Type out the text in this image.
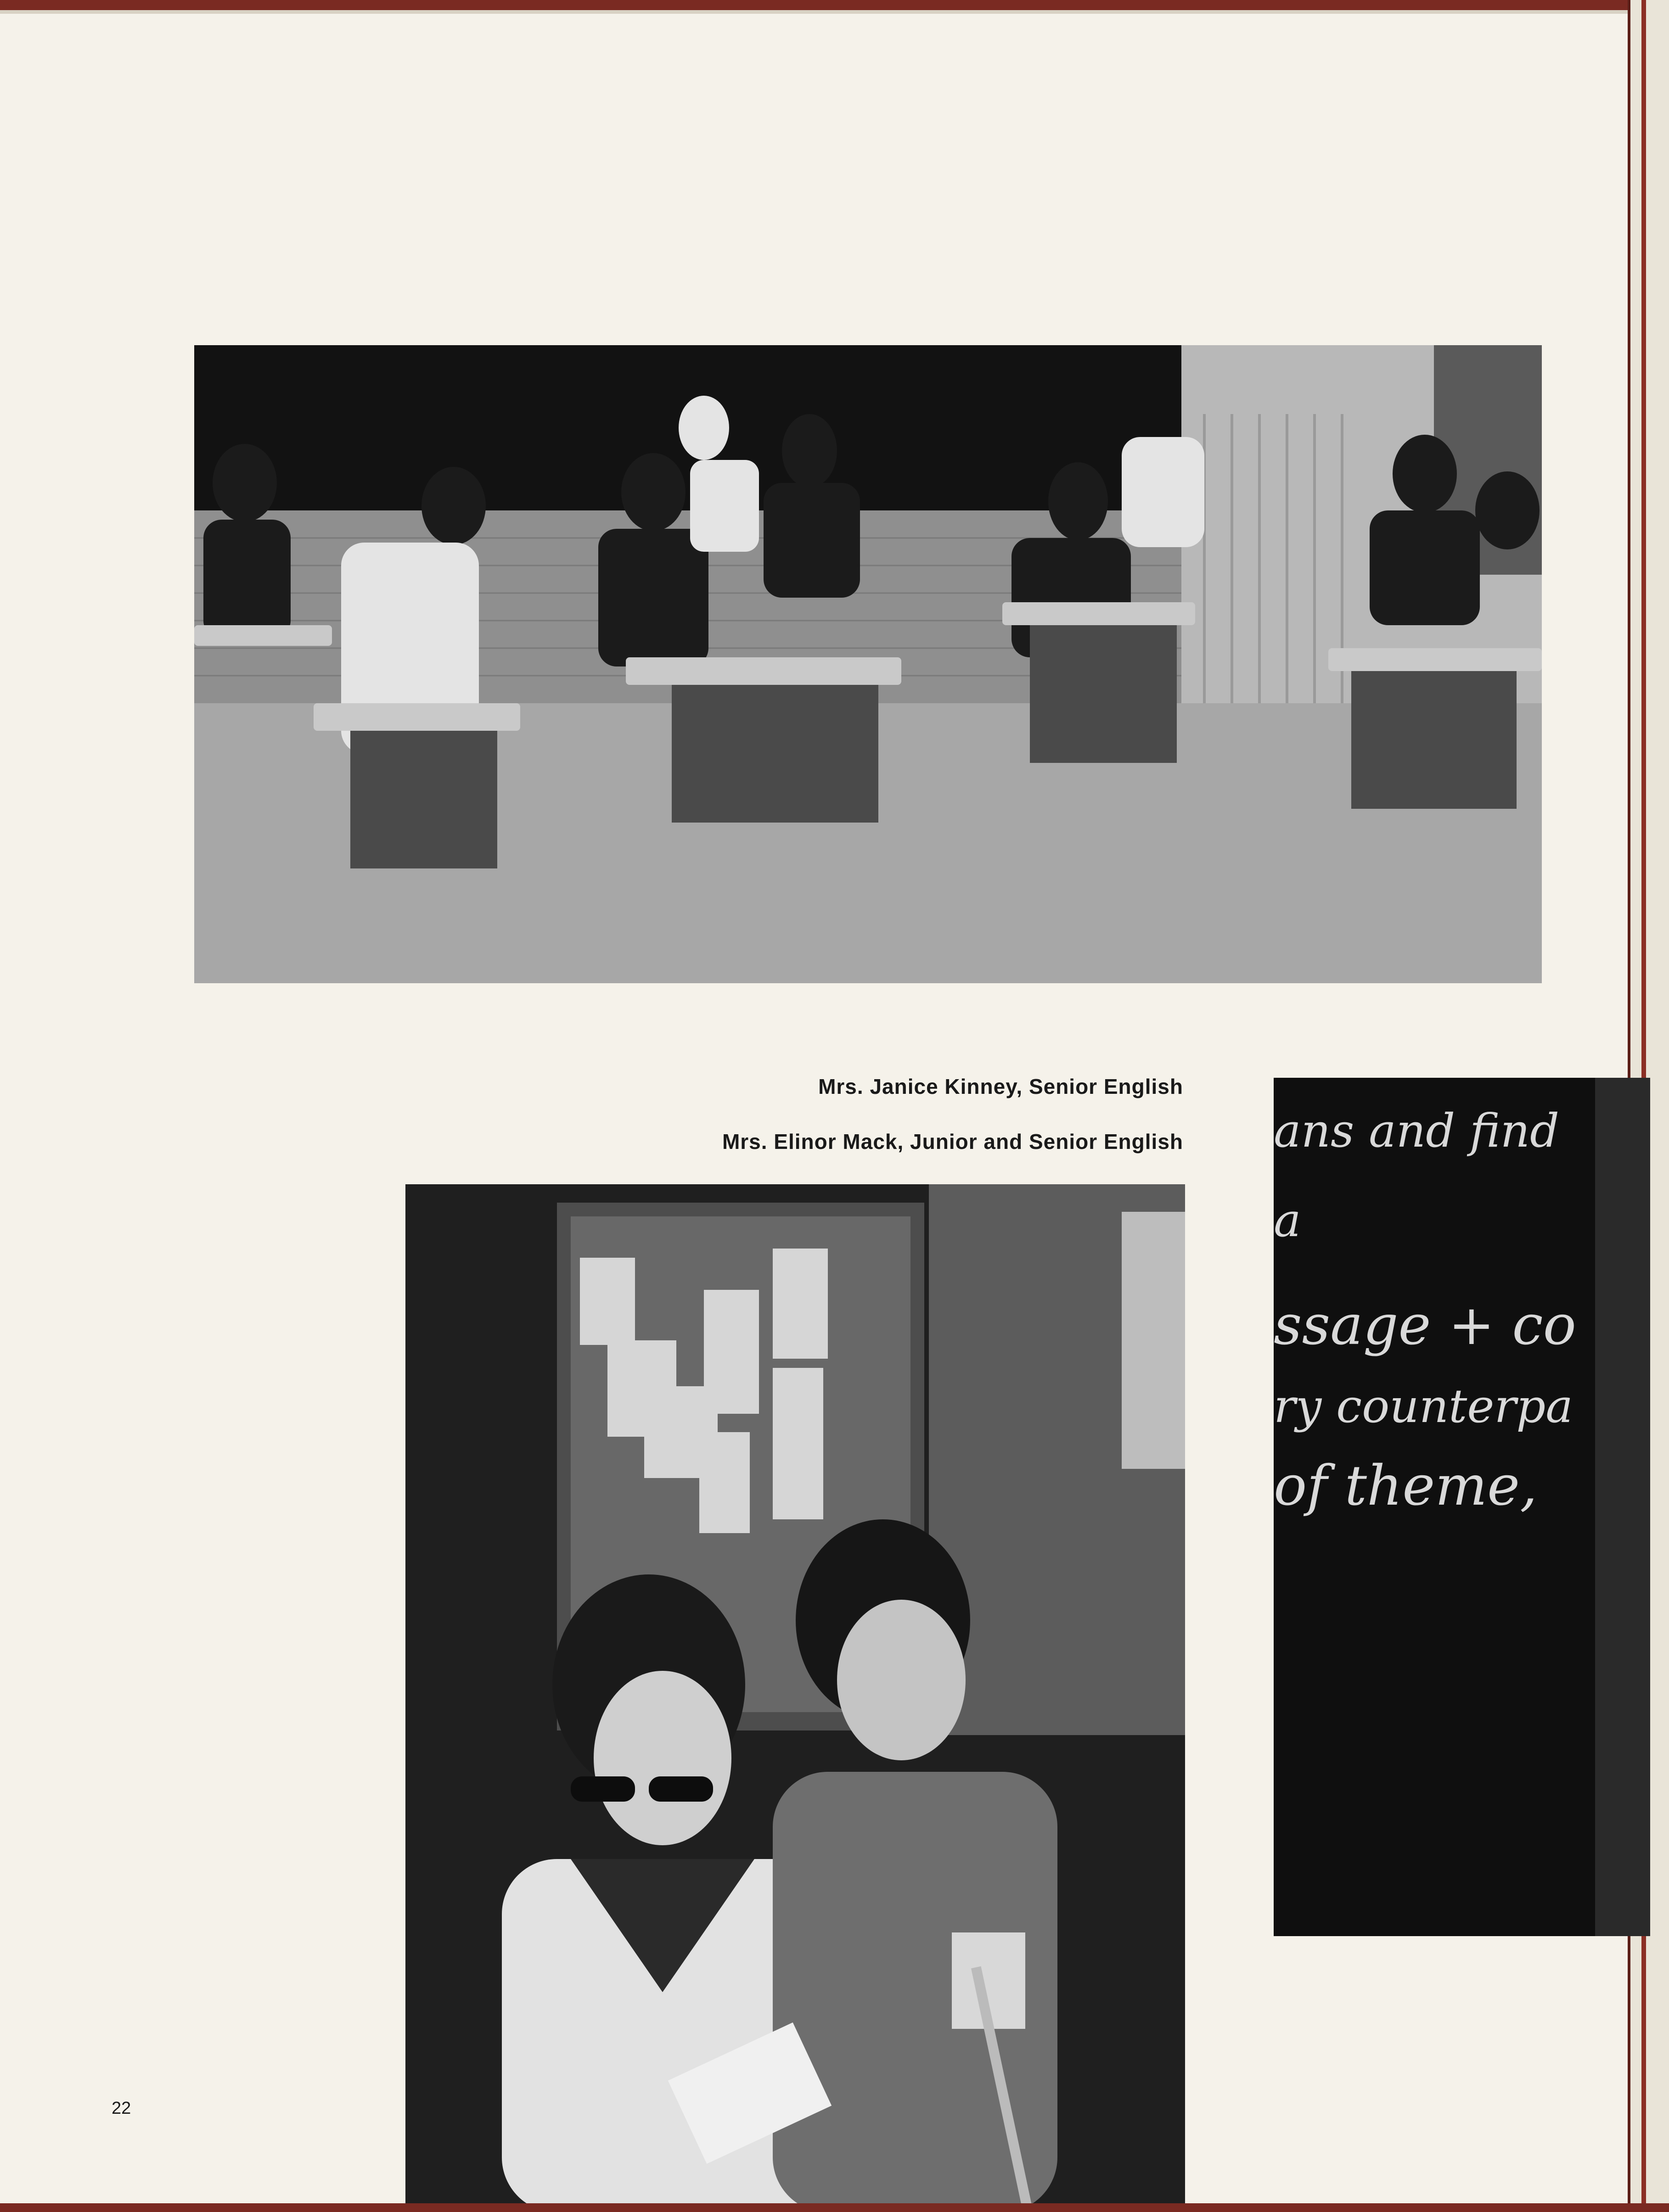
Mrs. Janice Kinney, Senior English
Mrs. Elinor Mack, Junior and Senior English ans and find
a
ssage + co
ry counterpa
of theme,
22
